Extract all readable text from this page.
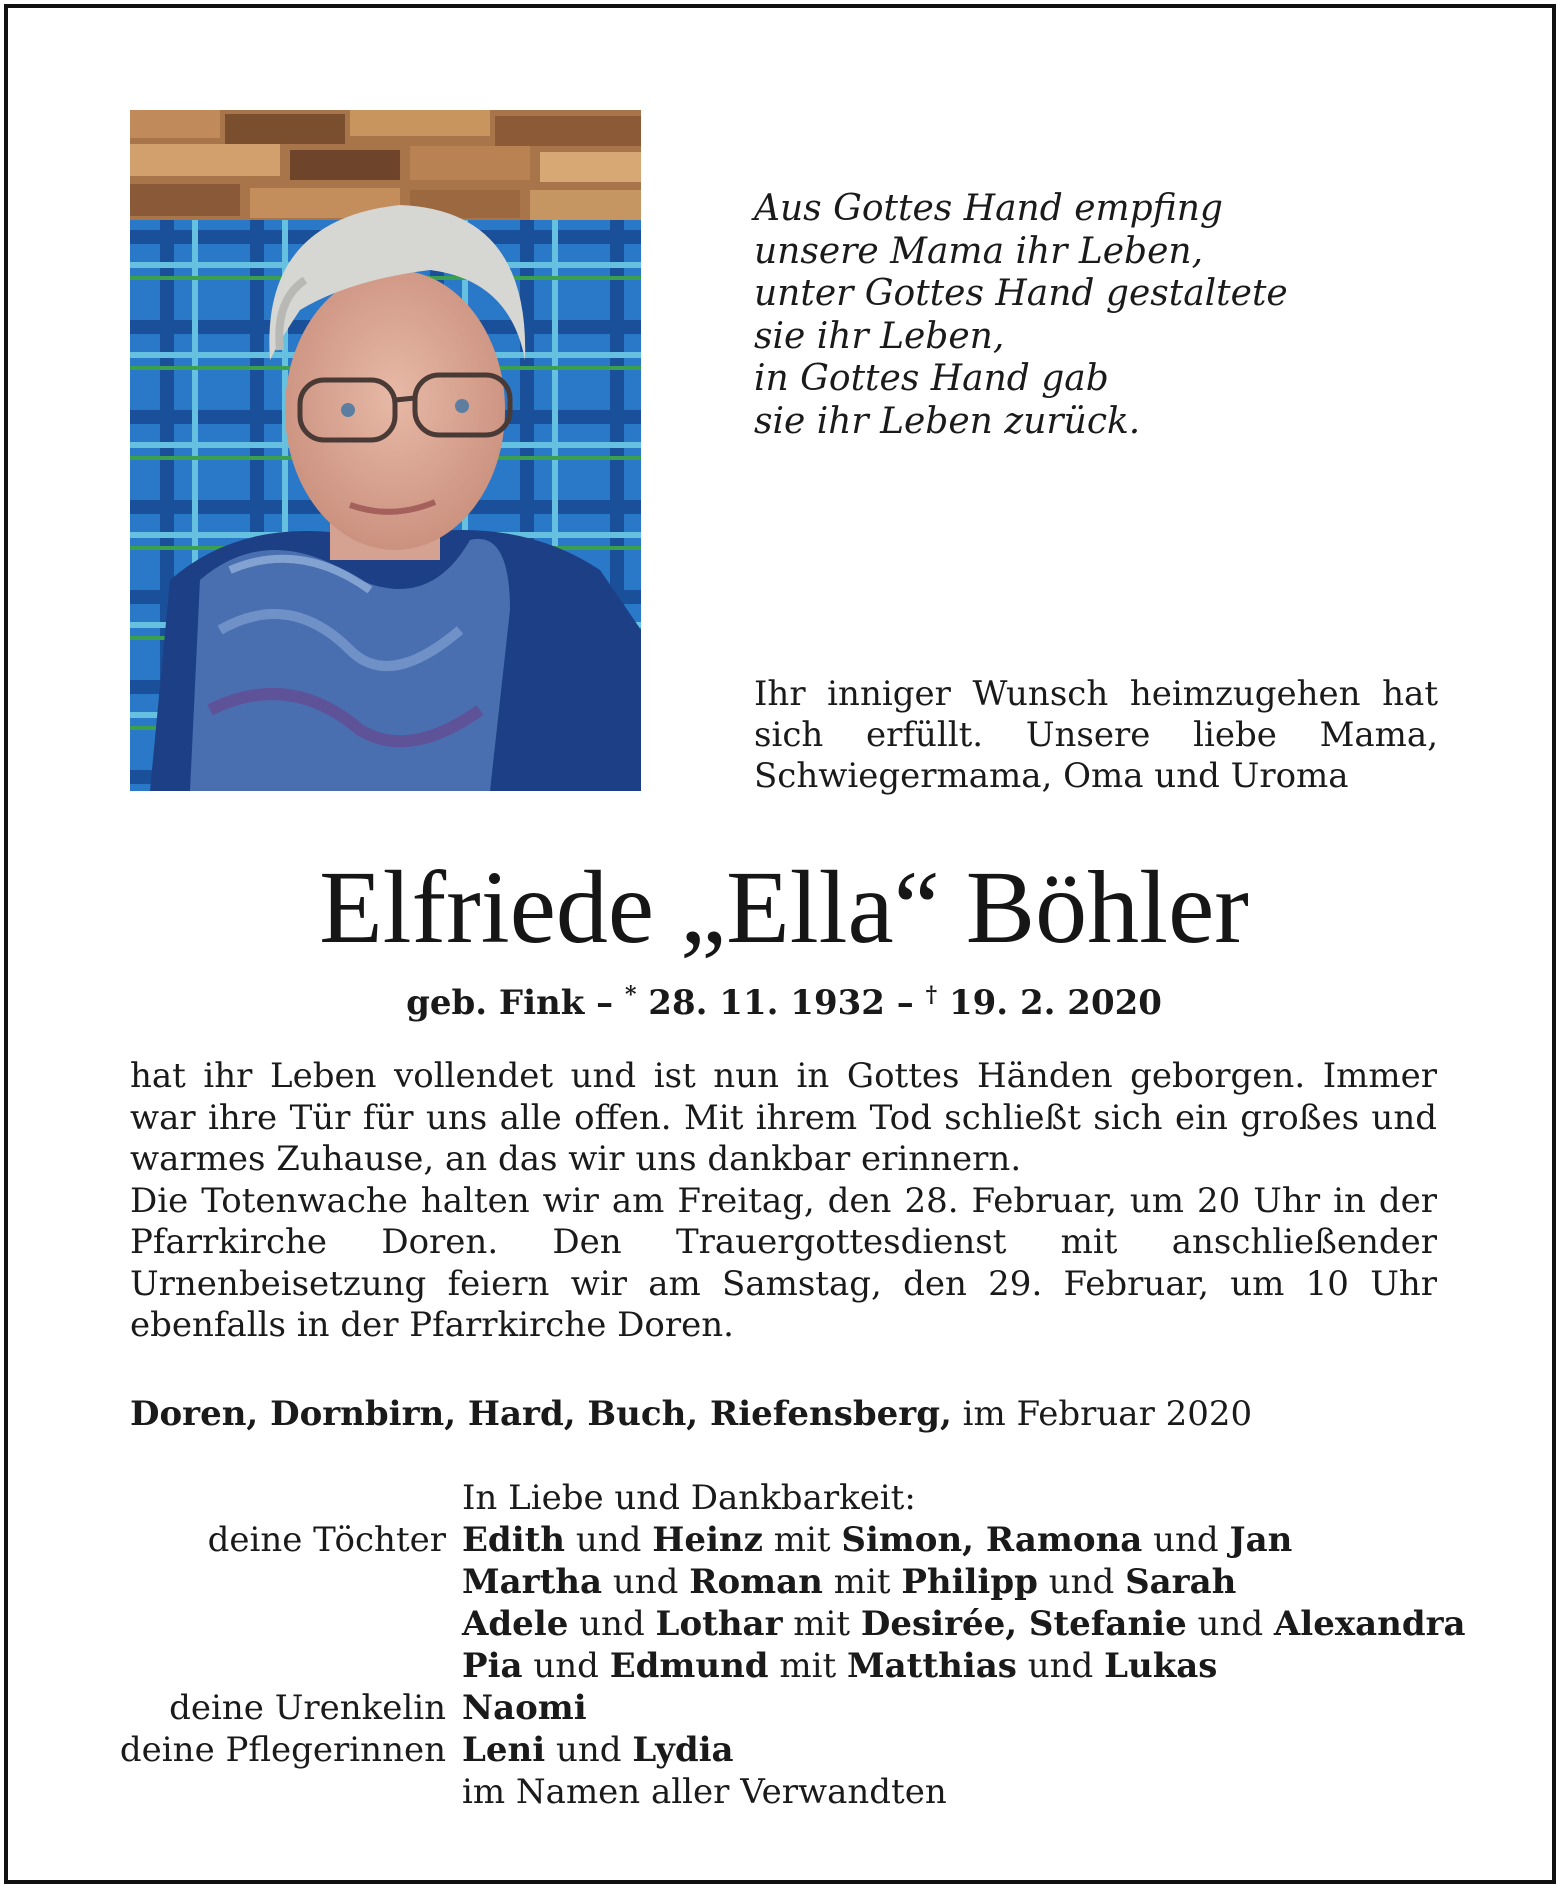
Aus Gottes Hand empfing
unsere Mama ihr Leben,
unter Gottes Hand gestaltete
sie ihr Leben,
in Gottes Hand gab
sie ihr Leben zurück.
Ihr inniger Wunsch heimzugehen hat sich erfüllt. Unsere liebe Mama, Schwiegermama, Oma und Uroma
Elfriede „Ella“ Böhler
geb. Fink – * 28. 11. 1932 – † 19. 2. 2020

hat ihr Leben vollendet und ist nun in Gottes Händen geborgen. Immer war ihre Tür für uns alle offen. Mit ihrem Tod schließt sich ein großes und warmes Zuhause, an das wir uns dankbar erinnern.

Die Totenwache halten wir am Freitag, den 28. Februar, um 20 Uhr in der Pfarrkirche Doren. Den Trauergottesdienst mit anschließender Urnenbeisetzung feiern wir am Samstag, den 29. Februar, um 10 Uhr ebenfalls in der Pfarrkirche Doren.

Doren, Dornbirn, Hard, Buch, Riefensberg, im Februar 2020
In Liebe und Dankbarkeit:
deine Töchter Edith und Heinz mit Simon, Ramona und Jan
Martha und Roman mit Philipp und Sarah
Adele und Lothar mit Desirée, Stefanie und Alexandra
Pia und Edmund mit Matthias und Lukas
deine Urenkelin Naomi
deine Pflegerinnen Leni und Lydia
im Namen aller Verwandten
